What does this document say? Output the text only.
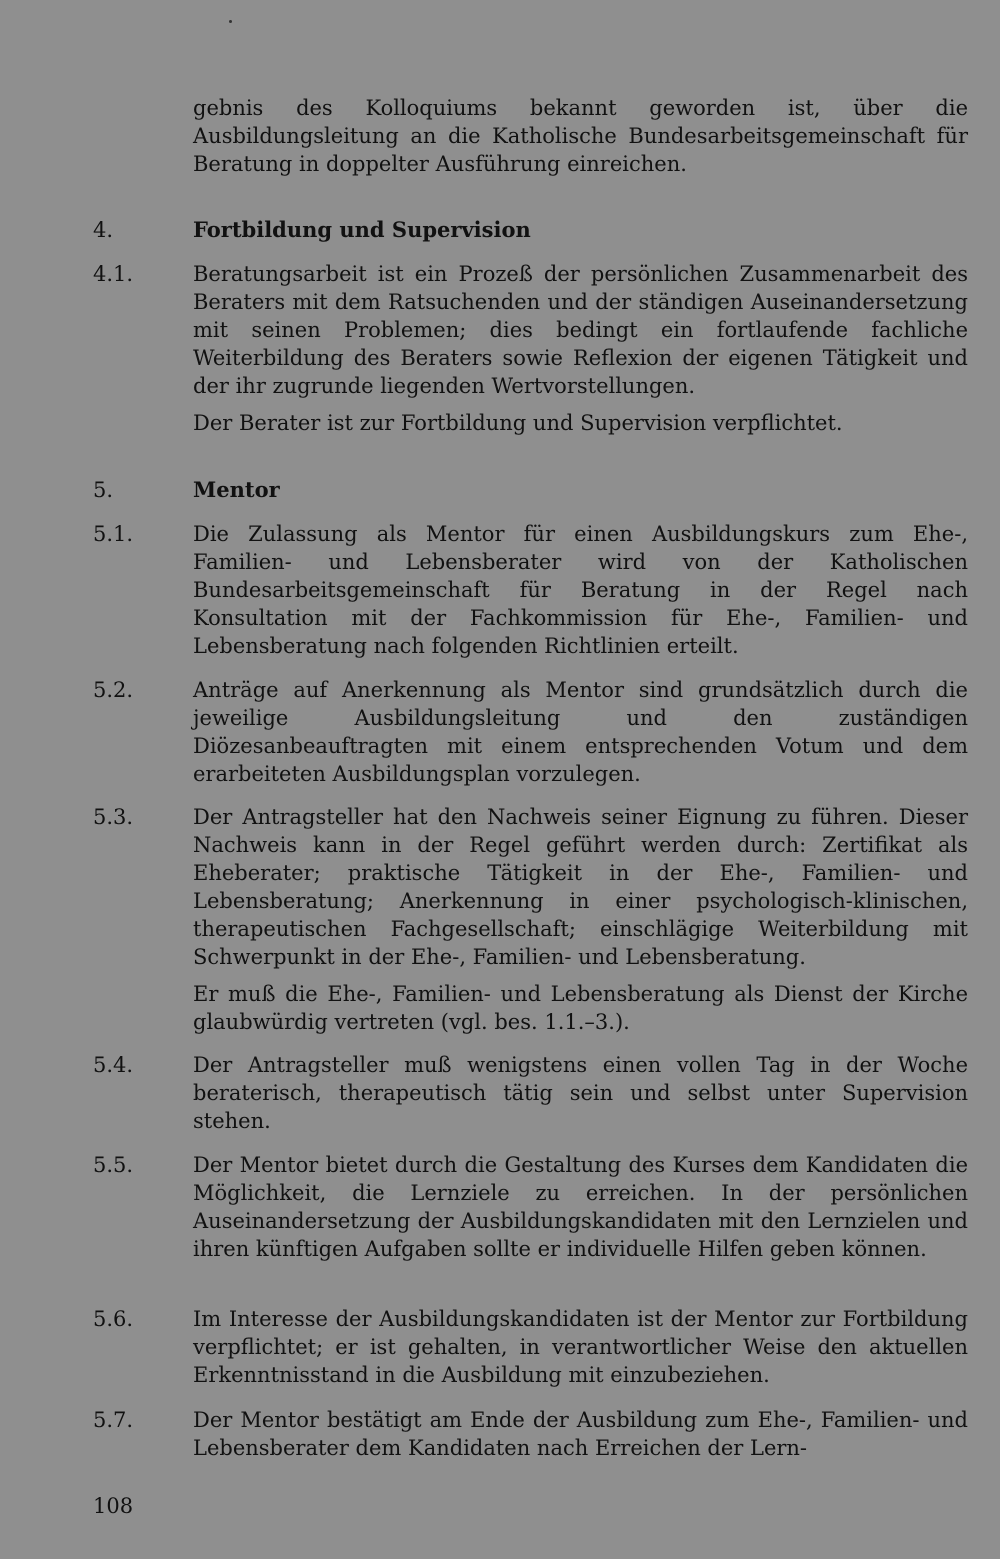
gebnis des Kolloquiums bekannt geworden ist, über die Ausbildungsleitung an die Katholische Bundesarbeitsgemeinschaft für Beratung in doppelter Ausführung einreichen.

4.	Fortbildung und Supervision
4.1.	Beratungsarbeit ist ein Prozeß der persönlichen Zusammenarbeit des Beraters mit dem Ratsuchenden und der ständigen Auseinandersetzung mit seinen Problemen; dies bedingt ein fortlaufende fachliche Weiterbildung des Beraters sowie Reflexion der eigenen Tätigkeit und der ihr zugrunde liegenden Wertvorstellungen.

Der Berater ist zur Fortbildung und Supervision verpflichtet.

5.	Mentor
5.1.	Die Zulassung als Mentor für einen Ausbildungskurs zum Ehe-, Familien- und Lebensberater wird von der Katholischen Bundesarbeitsgemeinschaft für Beratung in der Regel nach Konsultation mit der Fachkommission für Ehe-, Familien- und Lebensberatung nach folgenden Richtlinien erteilt.

5.2.	Anträge auf Anerkennung als Mentor sind grundsätzlich durch die jeweilige Ausbildungsleitung und den zuständigen Diözesanbeauftragten mit einem entsprechenden Votum und dem erarbeiteten Ausbildungsplan vorzulegen.

5.3.	Der Antragsteller hat den Nachweis seiner Eignung zu führen. Dieser Nachweis kann in der Regel geführt werden durch: Zertifikat als Eheberater; praktische Tätigkeit in der Ehe-, Familien- und Lebensberatung; Anerkennung in einer psychologisch-klinischen, therapeutischen Fachgesellschaft; einschlägige Weiterbildung mit Schwerpunkt in der Ehe-, Familien- und Lebensberatung.

Er muß die Ehe-, Familien- und Lebensberatung als Dienst der Kirche glaubwürdig vertreten (vgl. bes. 1.1.–3.).

5.4.	Der Antragsteller muß wenigstens einen vollen Tag in der Woche beraterisch, therapeutisch tätig sein und selbst unter Supervision stehen.

5.5.	Der Mentor bietet durch die Gestaltung des Kurses dem Kandidaten die Möglichkeit, die Lernziele zu erreichen. In der persönlichen Auseinandersetzung der Ausbildungskandidaten mit den Lernzielen und ihren künftigen Aufgaben sollte er individuelle Hilfen geben können.

5.6.	Im Interesse der Ausbildungskandidaten ist der Mentor zur Fortbildung verpflichtet; er ist gehalten, in verantwortlicher Weise den aktuellen Erkenntnisstand in die Ausbildung mit einzubeziehen.

5.7.	Der Mentor bestätigt am Ende der Ausbildung zum Ehe-, Familien- und Lebensberater dem Kandidaten nach Erreichen der Lern-

108
